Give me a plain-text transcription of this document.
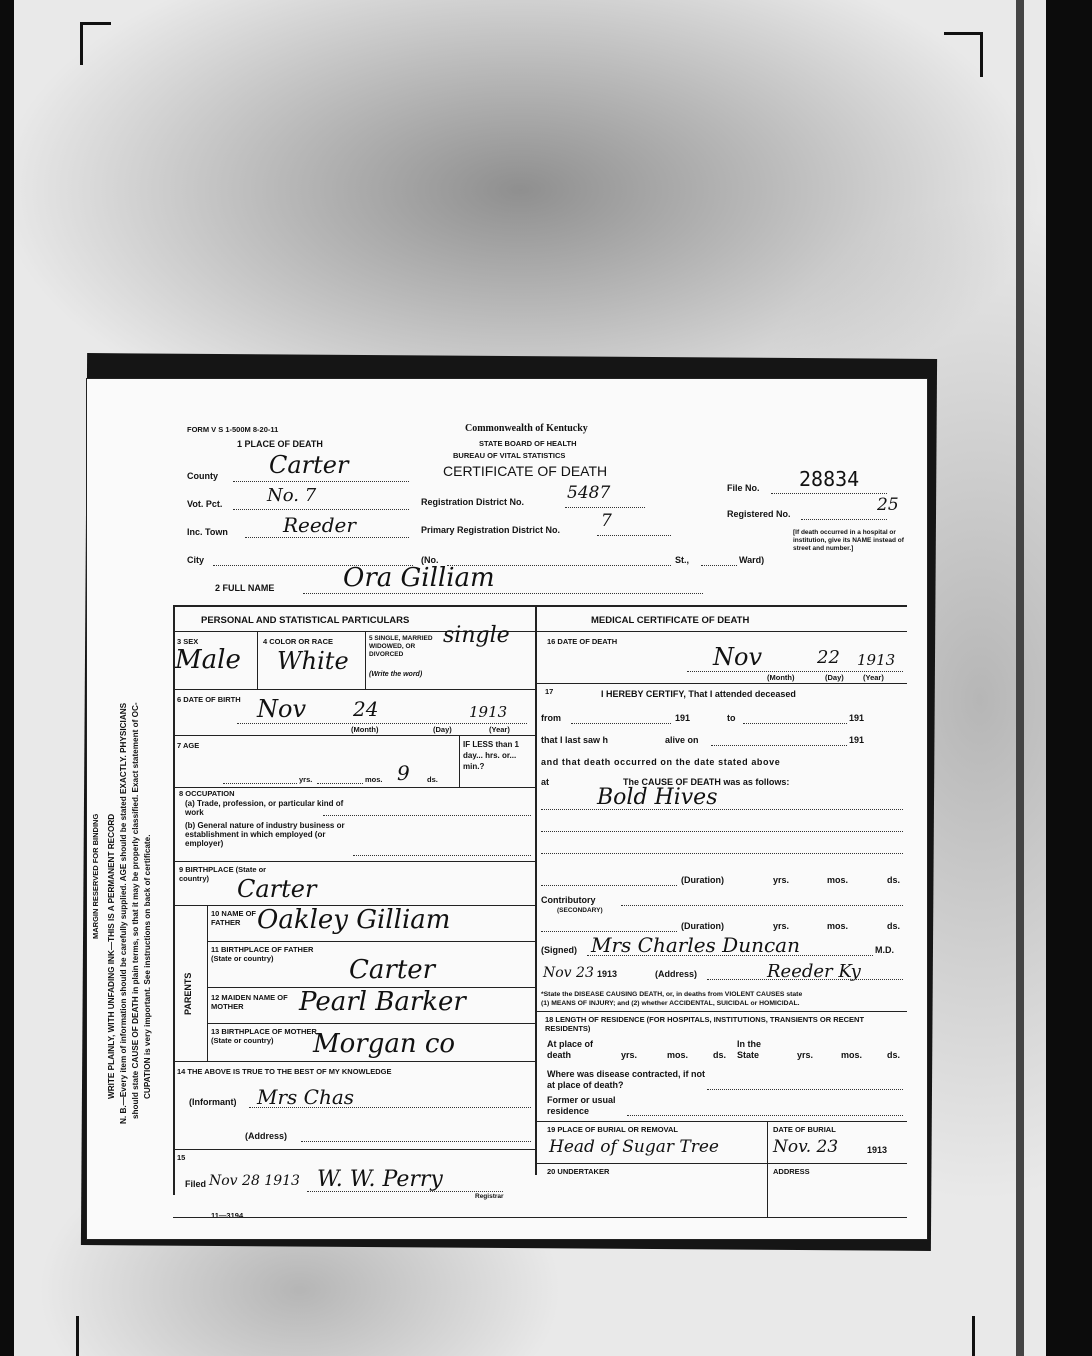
MARGIN RESERVED FOR BINDING WRITE PLAINLY, WITH UNFADING INK—THIS IS A PERMANENT RECORD N. B.—Every item of information should be carefully supplied. AGE should be stated EXACTLY. PHYSICIANS should state CAUSE OF DEATH in plain terms, so that it may be properly classified. Exact statement of OC- CUPATION is very important. See instructions on back of certificate.
FORM V S 1-500M 8-20-11	Commonwealth of Kentucky
STATE BOARD OF HEALTH
BUREAU OF VITAL STATISTICS
CERTIFICATE OF DEATH
1 PLACE OF DEATH
County Carter
Vot. Pct. No. 7
Inc. Town	Reeder
City	(No.	St.,	Ward)
Registration District No.	5487
Primary Registration District No. 7
File No. 28834
Registered No.	25
[If death occurred in a hospital or institution, give its NAME instead of street and number.]
2 FULL NAME	Ora Gilliam
PERSONAL AND STATISTICAL PARTICULARS
3 SEX
Male
4 COLOR OR RACE
White
5 SINGLE, MARRIED WIDOWED, OR DIVORCED
(Write the word)
single
6 DATE OF BIRTH Nov 24	1913
(Month)	(Day)	(Year)
7 AGE
yrs.	mos. 9 ds.
IF LESS than 1 day... hrs. or... min.?
8 OCCUPATION
(a) Trade, profession, or particular kind of work
(b) General nature of industry business or establishment in which employed (or employer)
9 BIRTHPLACE (State or country)	Carter
PARENTS
10 NAME OF FATHER Oakley Gilliam
11 BIRTHPLACE OF FATHER (State or country)	Carter
12 MAIDEN NAME OF MOTHER	Pearl Barker
13 BIRTHPLACE OF MOTHER (State or country)	Morgan co
14 THE ABOVE IS TRUE TO THE BEST OF MY KNOWLEDGE
(Informant) Mrs Chas
(Address)
15
Filed Nov 28 1913 W. W. Perry
Registrar
11—3194
MEDICAL CERTIFICATE OF DEATH
16 DATE OF DEATH
Nov	22 1913
(Month)	(Day)	(Year)
17	I HEREBY CERTIFY, That I attended deceased
from	191	to	191
that I last saw h	alive on	191
and that death occurred on the date stated above
at	The CAUSE OF DEATH was as follows:
Bold Hives
(Duration)	yrs.	mos.	ds.
Contributory
(SECONDARY)
(Duration)	yrs.	mos.	ds.
(Signed) Mrs Charles Duncan	M.D.
Nov 23 1913	(Address)	Reeder Ky
*State the DISEASE CAUSING DEATH, or, in deaths from VIOLENT CAUSES state
(1) MEANS OF INJURY; and (2) whether ACCIDENTAL, SUICIDAL or HOMICIDAL.
18 LENGTH OF RESIDENCE (FOR HOSPITALS, INSTITUTIONS, TRANSIENTS OR RECENT RESIDENTS)
At place of death	yrs.	mos.	ds.
In the State	yrs.	mos.	ds.
Where was disease contracted, if not at place of death?
Former or usual residence
19 PLACE OF BURIAL OR REMOVAL
Head of Sugar Tree
DATE OF BURIAL
Nov. 23	1913
20 UNDERTAKER	ADDRESS
